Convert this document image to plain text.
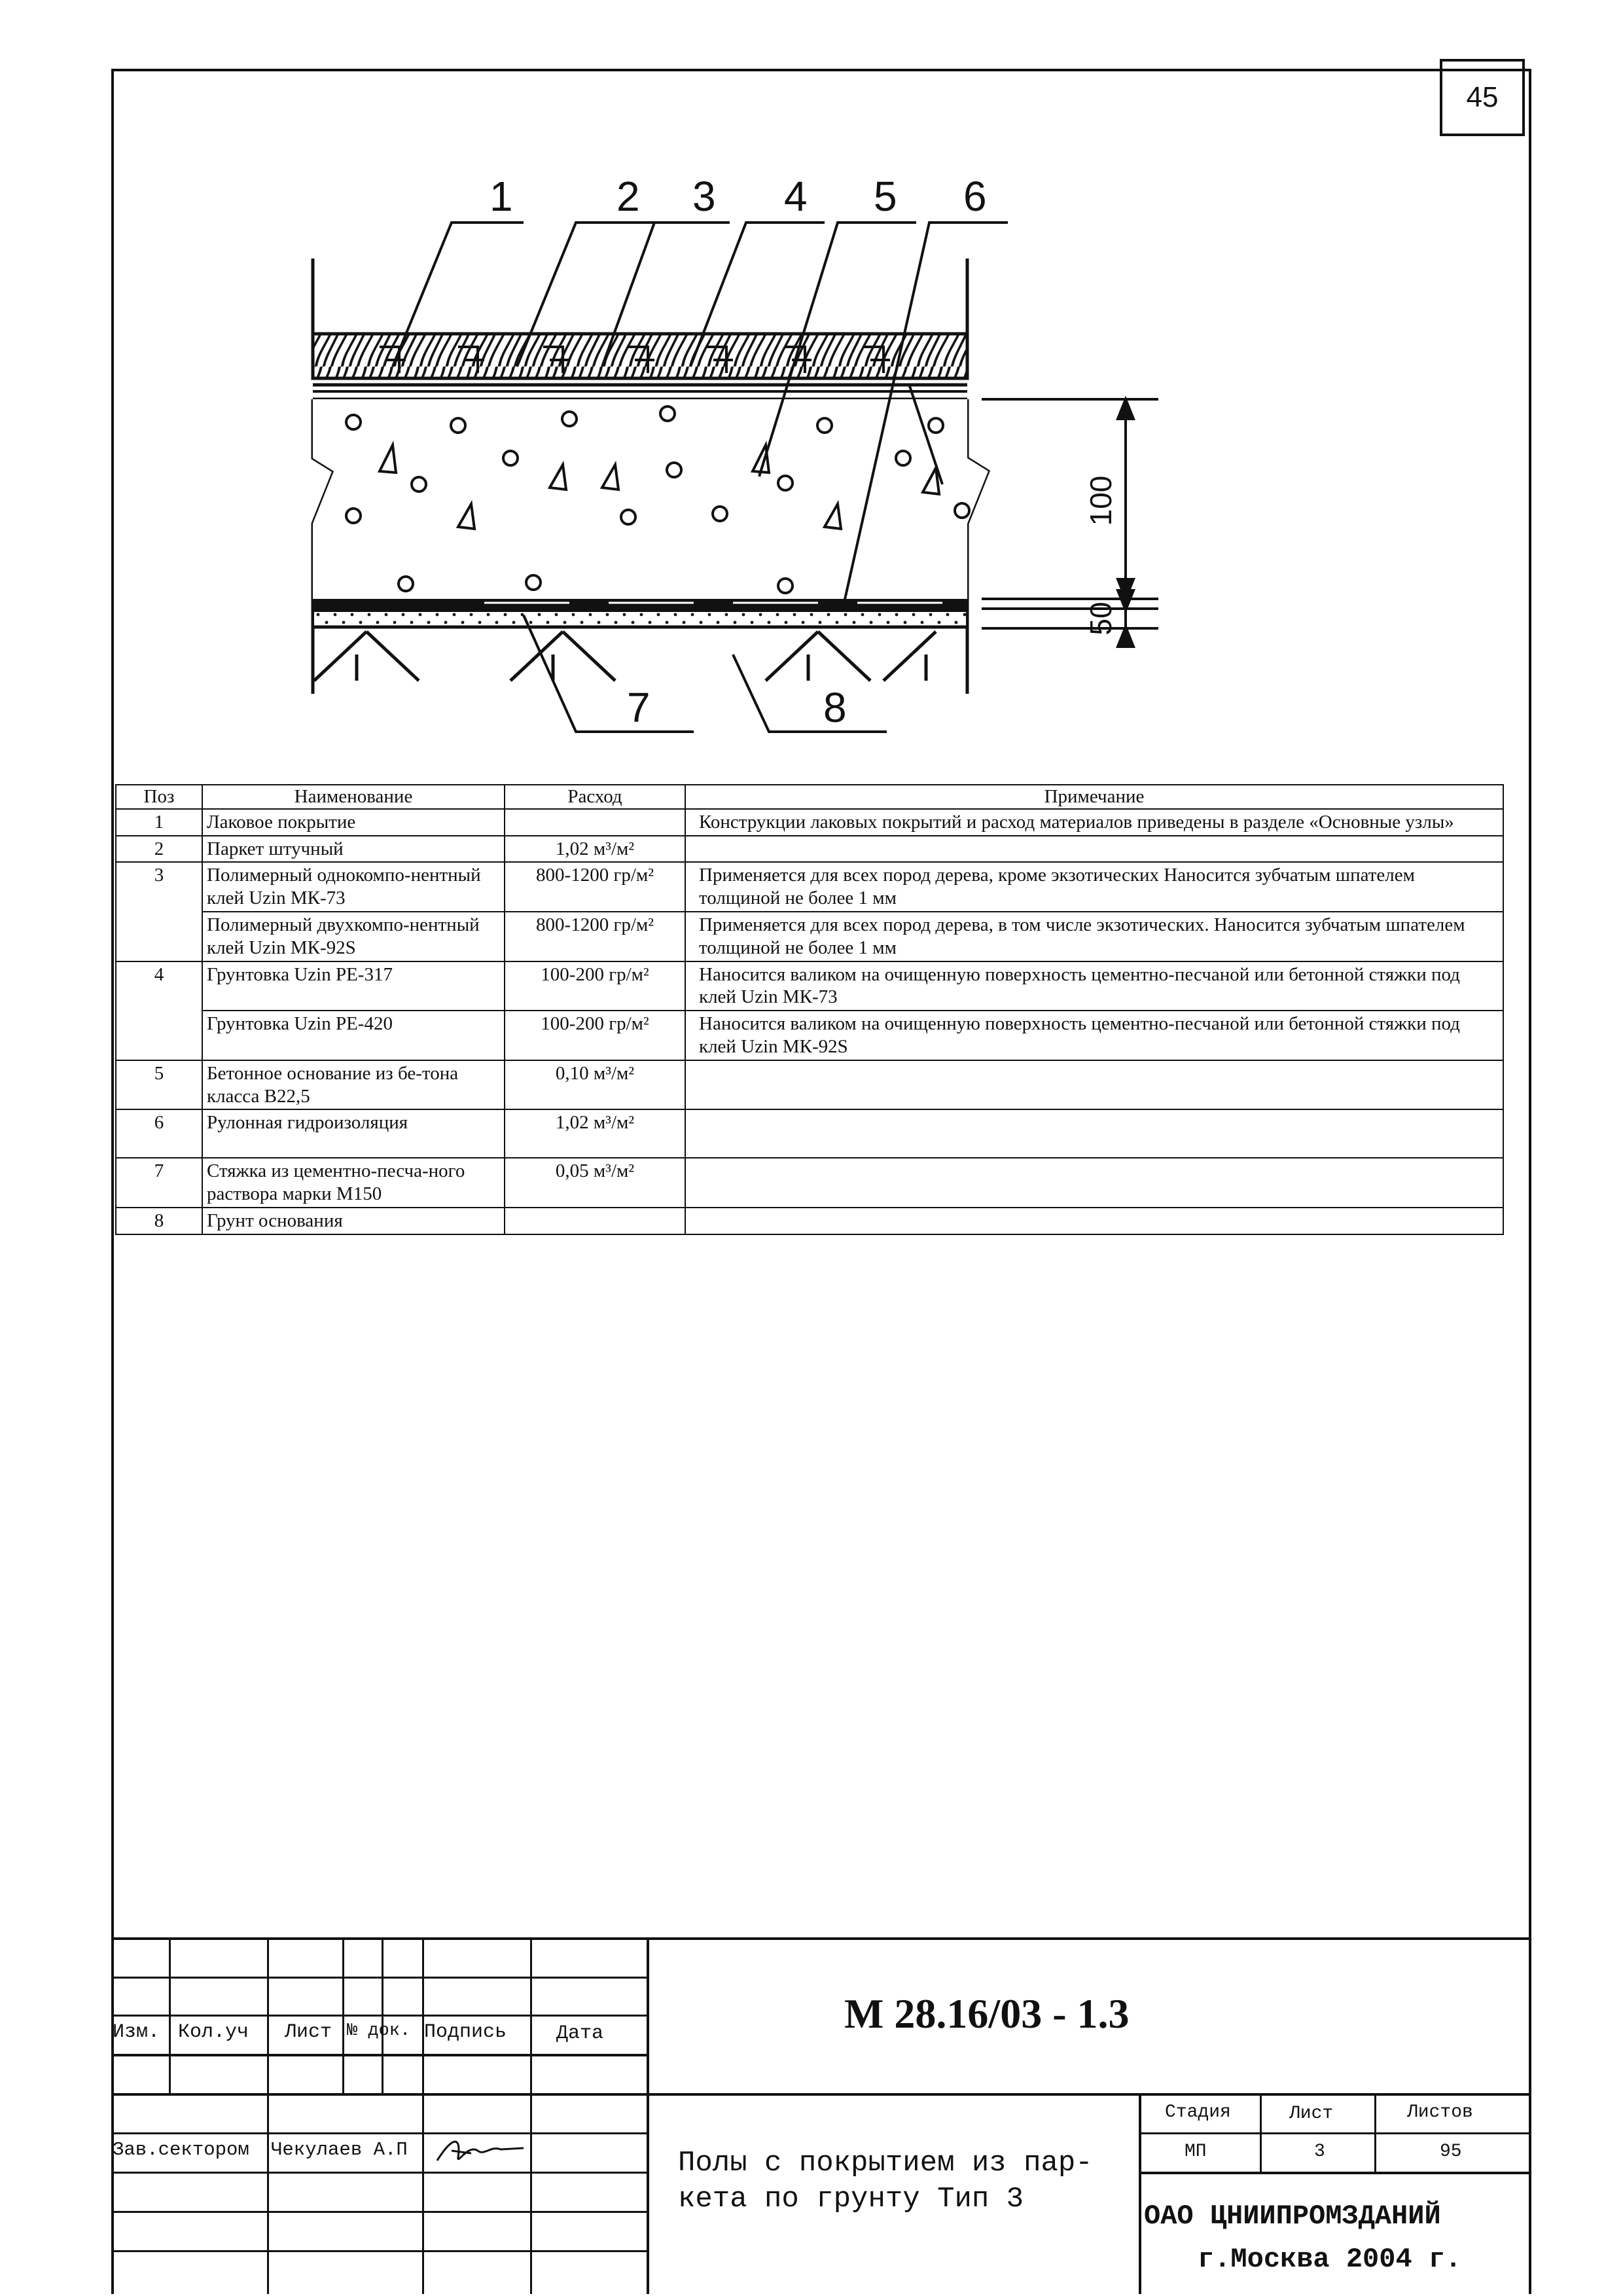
45
100
50
1 2 3 4 5 6
7	8
Поз	Наименование	Расход	Примечание
1	Лаковое покрытие		Конструкции лаковых покрытий и расход материалов приведены в разделе «Основные узлы»
2	Паркет штучный	1,02 м³/м²	
3	Полимерный однокомпо-нентный клей Uzin МК-73	800-1200 гр/м²	Применяется для всех пород дерева, кроме экзотических Наносится зубчатым шпателем толщиной не более 1 мм
	Полимерный двухкомпо-нентный клей Uzin МК-92S	800-1200 гр/м²	Применяется для всех пород дерева, в том числе экзотических. Наносится зубчатым шпателем толщиной не более 1 мм
4	Грунтовка Uzin PE-317	100-200 гр/м²	Наносится валиком на очищенную поверхность цементно-песчаной или бетонной стяжки под клей Uzin МК-73
	Грунтовка Uzin PE-420	100-200 гр/м²	Наносится валиком на очищенную поверхность цементно-песчаной или бетонной стяжки под клей Uzin МК-92S
5	Бетонное основание из бе-тона класса В22,5	0,10 м³/м²	
6	Рулонная гидроизоляция	1,02 м³/м²	
7	Стяжка из цементно-песча-ного раствора марки М150	0,05 м³/м²	
8	Грунт основания		
Изм. Кол.уч Лист № док. Подпись	Дата
Зав.сектором Чекулаев А.П
М 28.16/03 - 1.3
Полы с покрытием из пар-кета по грунту Тип 3
Стадия	Лист	Листов
МП	3	95
ОАО ЦНИИПРОМЗДАНИЙ
г.Москва 2004 г.
